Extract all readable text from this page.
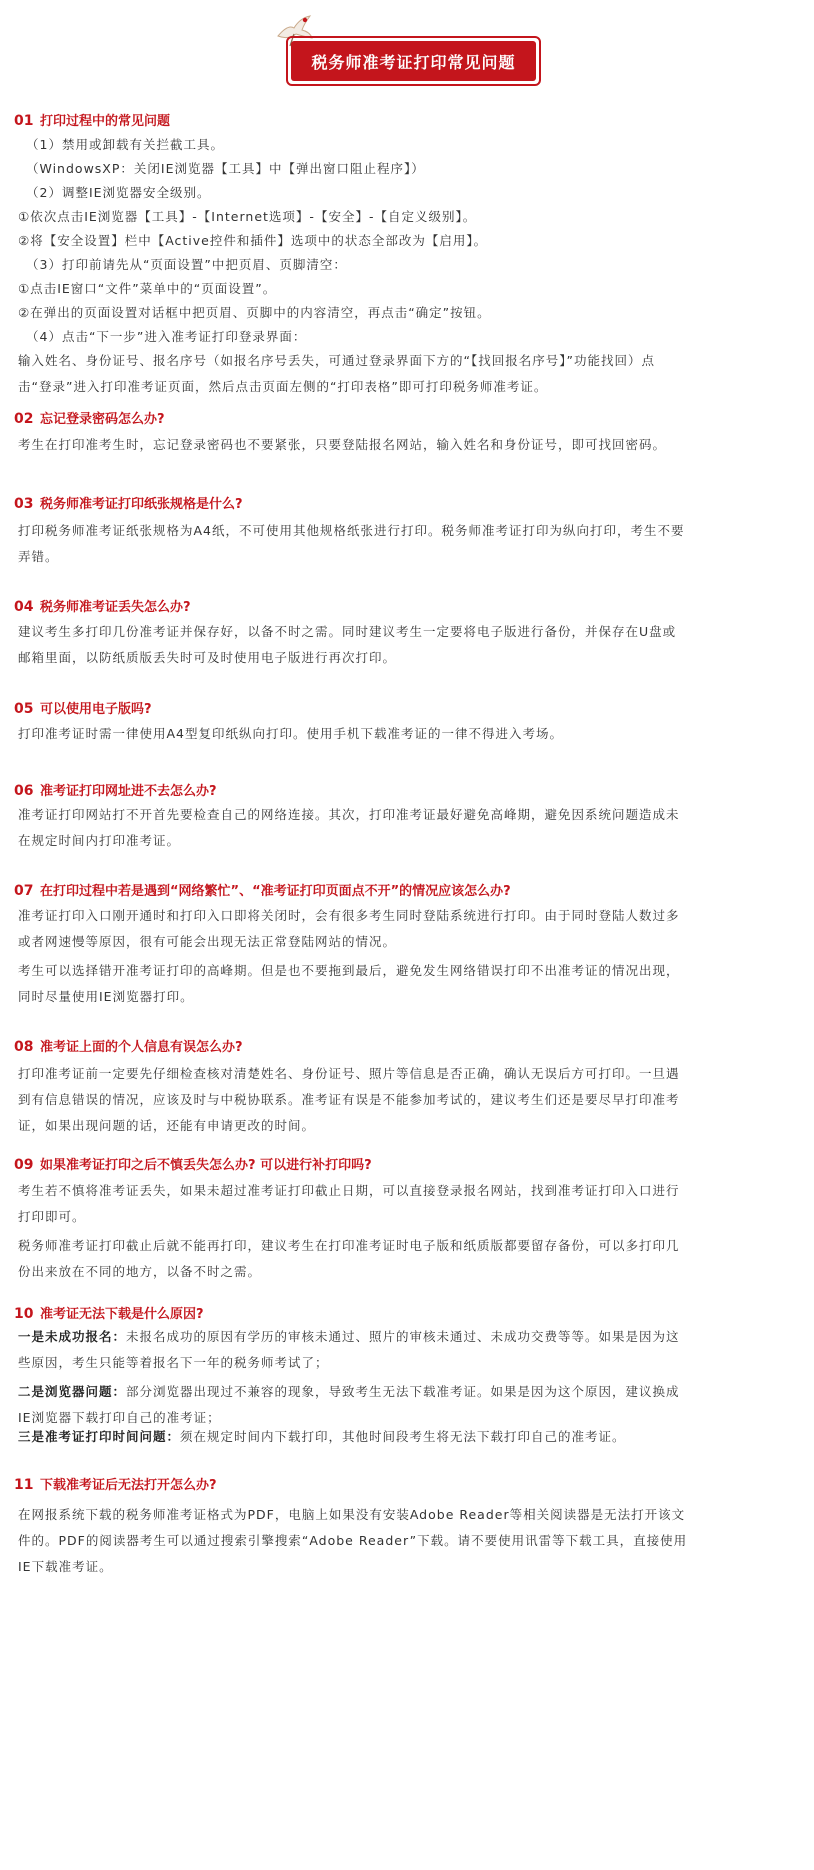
税务师准考证打印常见问题
01 打印过程中的常见问题
（1）禁用或卸载有关拦截工具。
（WindowsXP：关闭IE浏览器【工具】中【弹出窗口阻止程序】）
（2）调整IE浏览器安全级别。
①依次点击IE浏览器【工具】-【Internet选项】-【安全】-【自定义级别】。
②将【安全设置】栏中【Active控件和插件】选项中的状态全部改为【启用】。
（3）打印前请先从“页面设置”中把页眉、页脚清空：
①点击IE窗口“文件”菜单中的“页面设置”。
②在弹出的页面设置对话框中把页眉、页脚中的内容清空，再点击“确定”按钮。
（4）点击“下一步”进入准考证打印登录界面：
输入姓名、身份证号、报名序号（如报名序号丢失，可通过登录界面下方的“【找回报名序号】”功能找回）点击“登录”进入打印准考证页面，然后点击页面左侧的“打印表格”即可打印税务师准考证。
02 忘记登录密码怎么办?
考生在打印准考生时，忘记登录密码也不要紧张，只要登陆报名网站，输入姓名和身份证号，即可找回密码。
03 税务师准考证打印纸张规格是什么?
打印税务师准考证纸张规格为A4纸，不可使用其他规格纸张进行打印。税务师准考证打印为纵向打印，考生不要弄错。
04 税务师准考证丢失怎么办?
建议考生多打印几份准考证并保存好，以备不时之需。同时建议考生一定要将电子版进行备份，并保存在U盘或邮箱里面，以防纸质版丢失时可及时使用电子版进行再次打印。
05 可以使用电子版吗?
打印准考证时需一律使用A4型复印纸纵向打印。使用手机下载准考证的一律不得进入考场。
06 准考证打印网址进不去怎么办?
准考证打印网站打不开首先要检查自己的网络连接。其次，打印准考证最好避免高峰期，避免因系统问题造成未在规定时间内打印准考证。
07 在打印过程中若是遇到“网络繁忙”、“准考证打印页面点不开”的情况应该怎么办?
准考证打印入口刚开通时和打印入口即将关闭时，会有很多考生同时登陆系统进行打印。由于同时登陆人数过多或者网速慢等原因，很有可能会出现无法正常登陆网站的情况。
考生可以选择错开准考证打印的高峰期。但是也不要拖到最后，避免发生网络错误打印不出准考证的情况出现，同时尽量使用IE浏览器打印。
08 准考证上面的个人信息有误怎么办?
打印准考证前一定要先仔细检查核对清楚姓名、身份证号、照片等信息是否正确，确认无误后方可打印。一旦遇到有信息错误的情况，应该及时与中税协联系。准考证有误是不能参加考试的，建议考生们还是要尽早打印准考证，如果出现问题的话，还能有申请更改的时间。
09 如果准考证打印之后不慎丢失怎么办? 可以进行补打印吗?
考生若不慎将准考证丢失，如果未超过准考证打印截止日期，可以直接登录报名网站，找到准考证打印入口进行打印即可。
税务师准考证打印截止后就不能再打印，建议考生在打印准考证时电子版和纸质版都要留存备份，可以多打印几份出来放在不同的地方，以备不时之需。
10 准考证无法下载是什么原因?
一是未成功报名：未报名成功的原因有学历的审核未通过、照片的审核未通过、未成功交费等等。如果是因为这些原因，考生只能等着报名下一年的税务师考试了；
二是浏览器问题：部分浏览器出现过不兼容的现象，导致考生无法下载准考证。如果是因为这个原因，建议换成IE浏览器下载打印自己的准考证；
三是准考证打印时间问题：须在规定时间内下载打印，其他时间段考生将无法下载打印自己的准考证。
11 下载准考证后无法打开怎么办?
在网报系统下载的税务师准考证格式为PDF，电脑上如果没有安装Adobe Reader等相关阅读器是无法打开该文件的。PDF的阅读器考生可以通过搜索引擎搜索“Adobe Reader”下载。请不要使用讯雷等下载工具，直接使用IE下载准考证。
